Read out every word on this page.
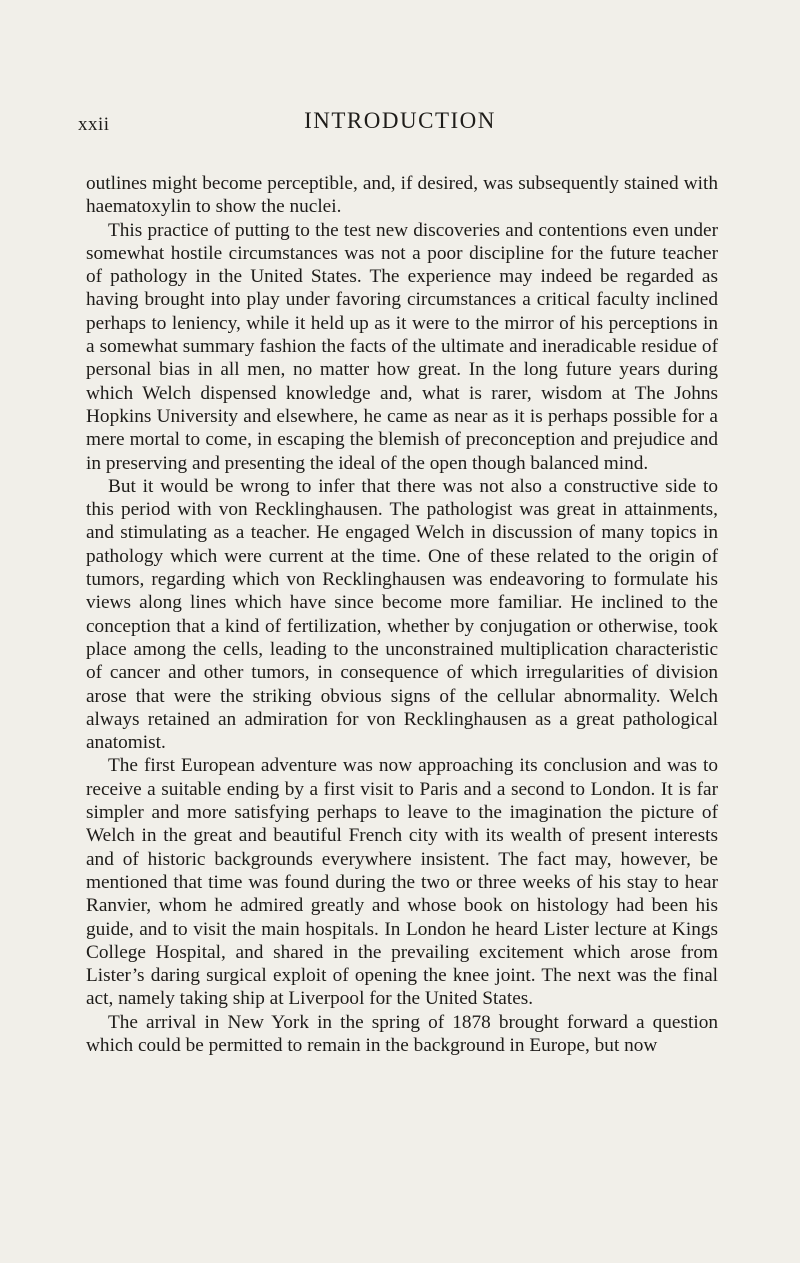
xxii	INTRODUCTION

outlines might become perceptible, and, if desired, was subsequently stained with haematoxylin to show the nuclei.

This practice of putting to the test new discoveries and contentions even under somewhat hostile circumstances was not a poor discipline for the future teacher of pathology in the United States. The experience may indeed be regarded as having brought into play under favoring circumstances a critical faculty inclined perhaps to leniency, while it held up as it were to the mirror of his perceptions in a somewhat summary fashion the facts of the ultimate and ineradicable residue of personal bias in all men, no matter how great. In the long future years during which Welch dispensed knowledge and, what is rarer, wisdom at The Johns Hopkins University and elsewhere, he came as near as it is perhaps possible for a mere mortal to come, in escaping the blemish of preconception and prejudice and in preserving and presenting the ideal of the open though balanced mind.

But it would be wrong to infer that there was not also a constructive side to this period with von Recklinghausen. The pathologist was great in attainments, and stimulating as a teacher. He engaged Welch in discussion of many topics in pathology which were current at the time. One of these related to the origin of tumors, regarding which von Recklinghausen was endeavoring to formulate his views along lines which have since become more familiar. He inclined to the conception that a kind of fertilization, whether by conjugation or otherwise, took place among the cells, leading to the unconstrained multiplication characteristic of cancer and other tumors, in consequence of which irregularities of division arose that were the striking obvious signs of the cellular abnormality. Welch always retained an admiration for von Recklinghausen as a great pathological anatomist.

The first European adventure was now approaching its conclusion and was to receive a suitable ending by a first visit to Paris and a second to London. It is far simpler and more satisfying perhaps to leave to the imagination the picture of Welch in the great and beautiful French city with its wealth of present interests and of historic backgrounds everywhere insistent. The fact may, however, be mentioned that time was found during the two or three weeks of his stay to hear Ranvier, whom he admired greatly and whose book on histology had been his guide, and to visit the main hospitals. In London he heard Lister lecture at Kings College Hospital, and shared in the prevailing excitement which arose from Lister’s daring surgical exploit of opening the knee joint. The next was the final act, namely taking ship at Liverpool for the United States.

The arrival in New York in the spring of 1878 brought forward a question which could be permitted to remain in the background in Europe, but now
